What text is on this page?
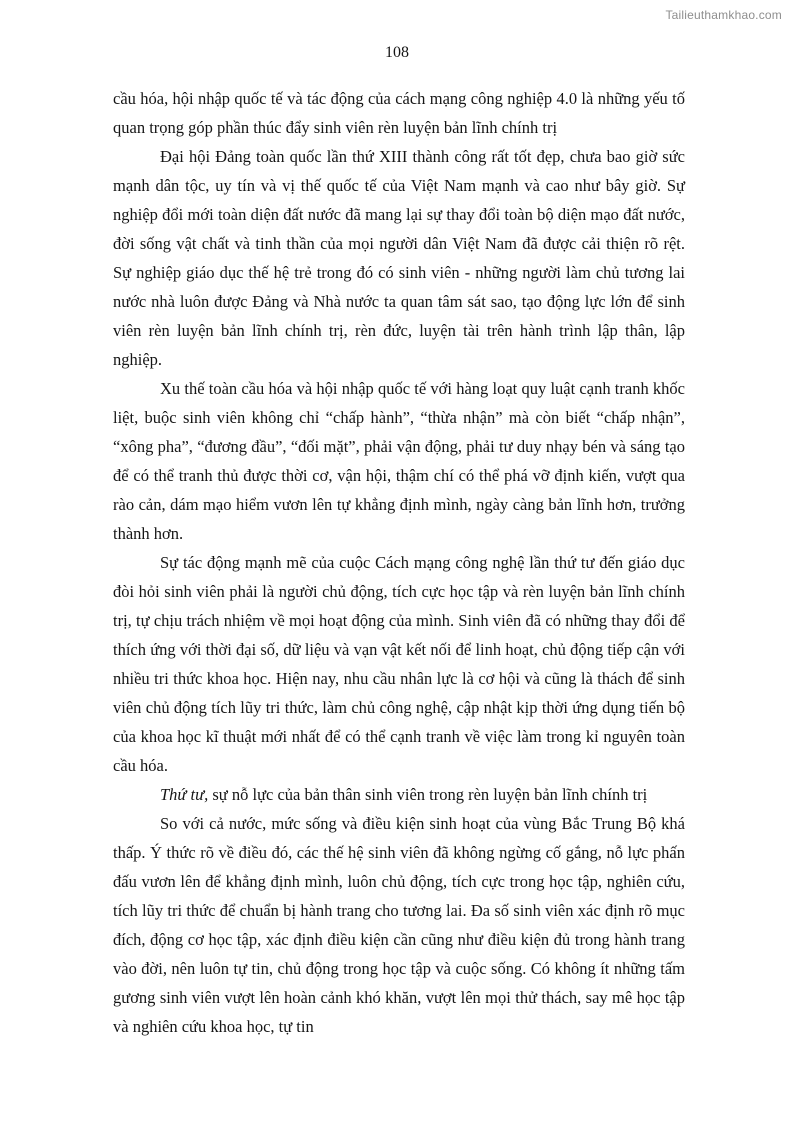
Tailieuthamkhao.com
108

cầu hóa, hội nhập quốc tế và tác động của cách mạng công nghiệp 4.0 là những yếu tố quan trọng góp phần thúc đẩy sinh viên rèn luyện bản lĩnh chính trị

Đại hội Đảng toàn quốc lần thứ XIII thành công rất tốt đẹp, chưa bao giờ sức mạnh dân tộc, uy tín và vị thế quốc tế của Việt Nam mạnh và cao như bây giờ. Sự nghiệp đổi mới toàn diện đất nước đã mang lại sự thay đổi toàn bộ diện mạo đất nước, đời sống vật chất và tinh thần của mọi người dân Việt Nam đã được cải thiện rõ rệt. Sự nghiệp giáo dục thế hệ trẻ trong đó có sinh viên - những người làm chủ tương lai nước nhà luôn được Đảng và Nhà nước ta quan tâm sát sao, tạo động lực lớn để sinh viên rèn luyện bản lĩnh chính trị, rèn đức, luyện tài trên hành trình lập thân, lập nghiệp.

Xu thế toàn cầu hóa và hội nhập quốc tế với hàng loạt quy luật cạnh tranh khốc liệt, buộc sinh viên không chỉ “chấp hành”, “thừa nhận” mà còn biết “chấp nhận”, “xông pha”, “đương đầu”, “đối mặt”, phải vận động, phải tư duy nhạy bén và sáng tạo để có thể tranh thủ được thời cơ, vận hội, thậm chí có thể phá vỡ định kiến, vượt qua rào cản, dám mạo hiểm vươn lên tự khẳng định mình, ngày càng bản lĩnh hơn, trưởng thành hơn.

Sự tác động mạnh mẽ của cuộc Cách mạng công nghệ lần thứ tư đến giáo dục đòi hỏi sinh viên phải là người chủ động, tích cực học tập và rèn luyện bản lĩnh chính trị, tự chịu trách nhiệm về mọi hoạt động của mình. Sinh viên đã có những thay đổi để thích ứng với thời đại số, dữ liệu và vạn vật kết nối để linh hoạt, chủ động tiếp cận với nhiều tri thức khoa học. Hiện nay, nhu cầu nhân lực là cơ hội và cũng là thách để sinh viên chủ động tích lũy tri thức, làm chủ công nghệ, cập nhật kịp thời ứng dụng tiến bộ của khoa học kĩ thuật mới nhất để có thể cạnh tranh về việc làm trong kỉ nguyên toàn cầu hóa.

Thứ tư, sự nỗ lực của bản thân sinh viên trong rèn luyện bản lĩnh chính trị

So với cả nước, mức sống và điều kiện sinh hoạt của vùng Bắc Trung Bộ khá thấp. Ý thức rõ về điều đó, các thế hệ sinh viên đã không ngừng cố gắng, nỗ lực phấn đấu vươn lên để khẳng định mình, luôn chủ động, tích cực trong học tập, nghiên cứu, tích lũy tri thức để chuẩn bị hành trang cho tương lai. Đa số sinh viên xác định rõ mục đích, động cơ học tập, xác định điều kiện cần cũng như điều kiện đủ trong hành trang vào đời, nên luôn tự tin, chủ động trong học tập và cuộc sống. Có không ít những tấm gương sinh viên vượt lên hoàn cảnh khó khăn, vượt lên mọi thử thách, say mê học tập và nghiên cứu khoa học, tự tin
